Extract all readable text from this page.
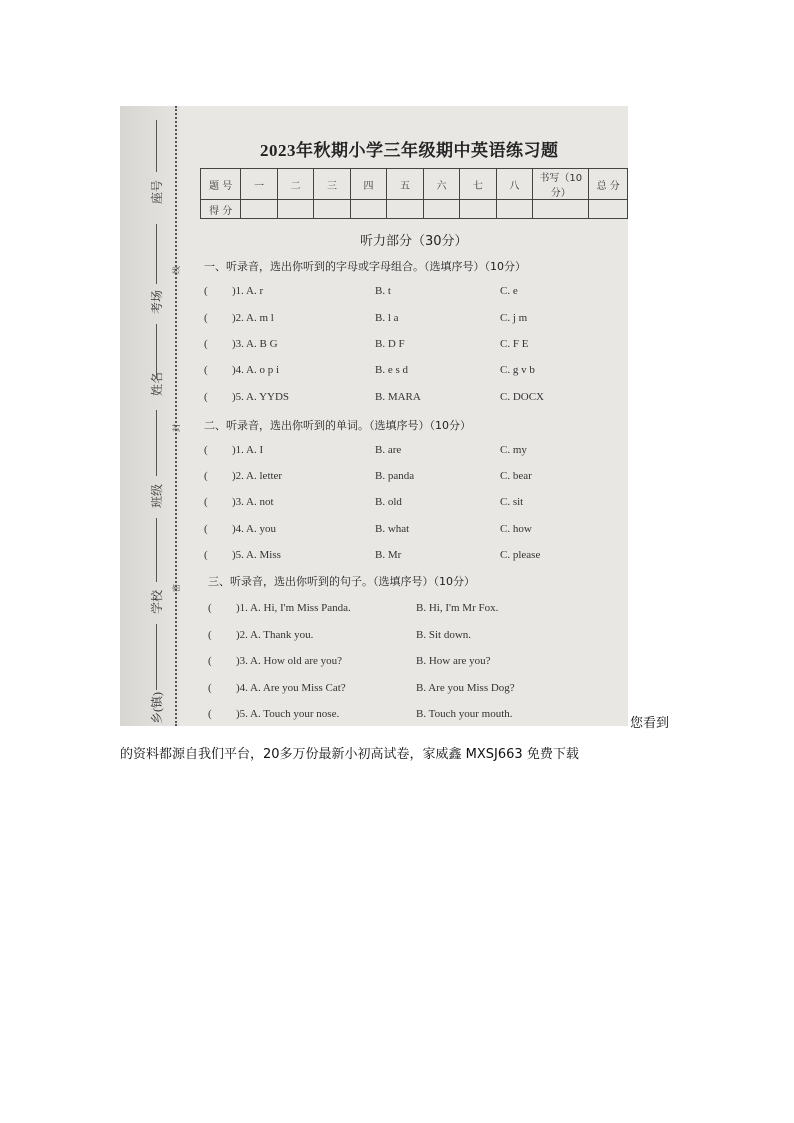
座号
考场
姓名
班级
学校
乡(镇)
线
封
密
2023年秋期小学三年级期中英语练习题
题 号	一	二	三	四	五	六	七	八	书写（10分）	总 分
得 分										
听力部分（30分）
一、听录音，选出你听到的字母或字母组合。（选填序号）（10分）
( )1. A. r	B. t	C. e
( )2. A. m l	B. l a	C. j m
( )3. A. B G	B. D F	C. F E
( )4. A. o p i	B. e s d	C. g v b
( )5. A. YYDS	B. MARA	C. DOCX
二、听录音，选出你听到的单词。（选填序号）（10分）
( )1. A. I	B. are	C. my
( )2. A. letter	B. panda	C. bear
( )3. A. not	B. old	C. sit
( )4. A. you	B. what	C. how
( )5. A. Miss	B. Mr	C. please
三、听录音，选出你听到的句子。（选填序号）（10分）
( )1. A. Hi, I'm Miss Panda.	B. Hi, I'm Mr Fox.
( )2. A. Thank you.	B. Sit down.
( )3. A. How old are you?	B. How are you?
( )4. A. Are you Miss Cat?	B. Are you Miss Dog?
( )5. A. Touch your nose.	B. Touch your mouth.
您看到
的资料都源自我们平台，20多万份最新小初高试卷，家威鑫 MXSJ663 免费下载
